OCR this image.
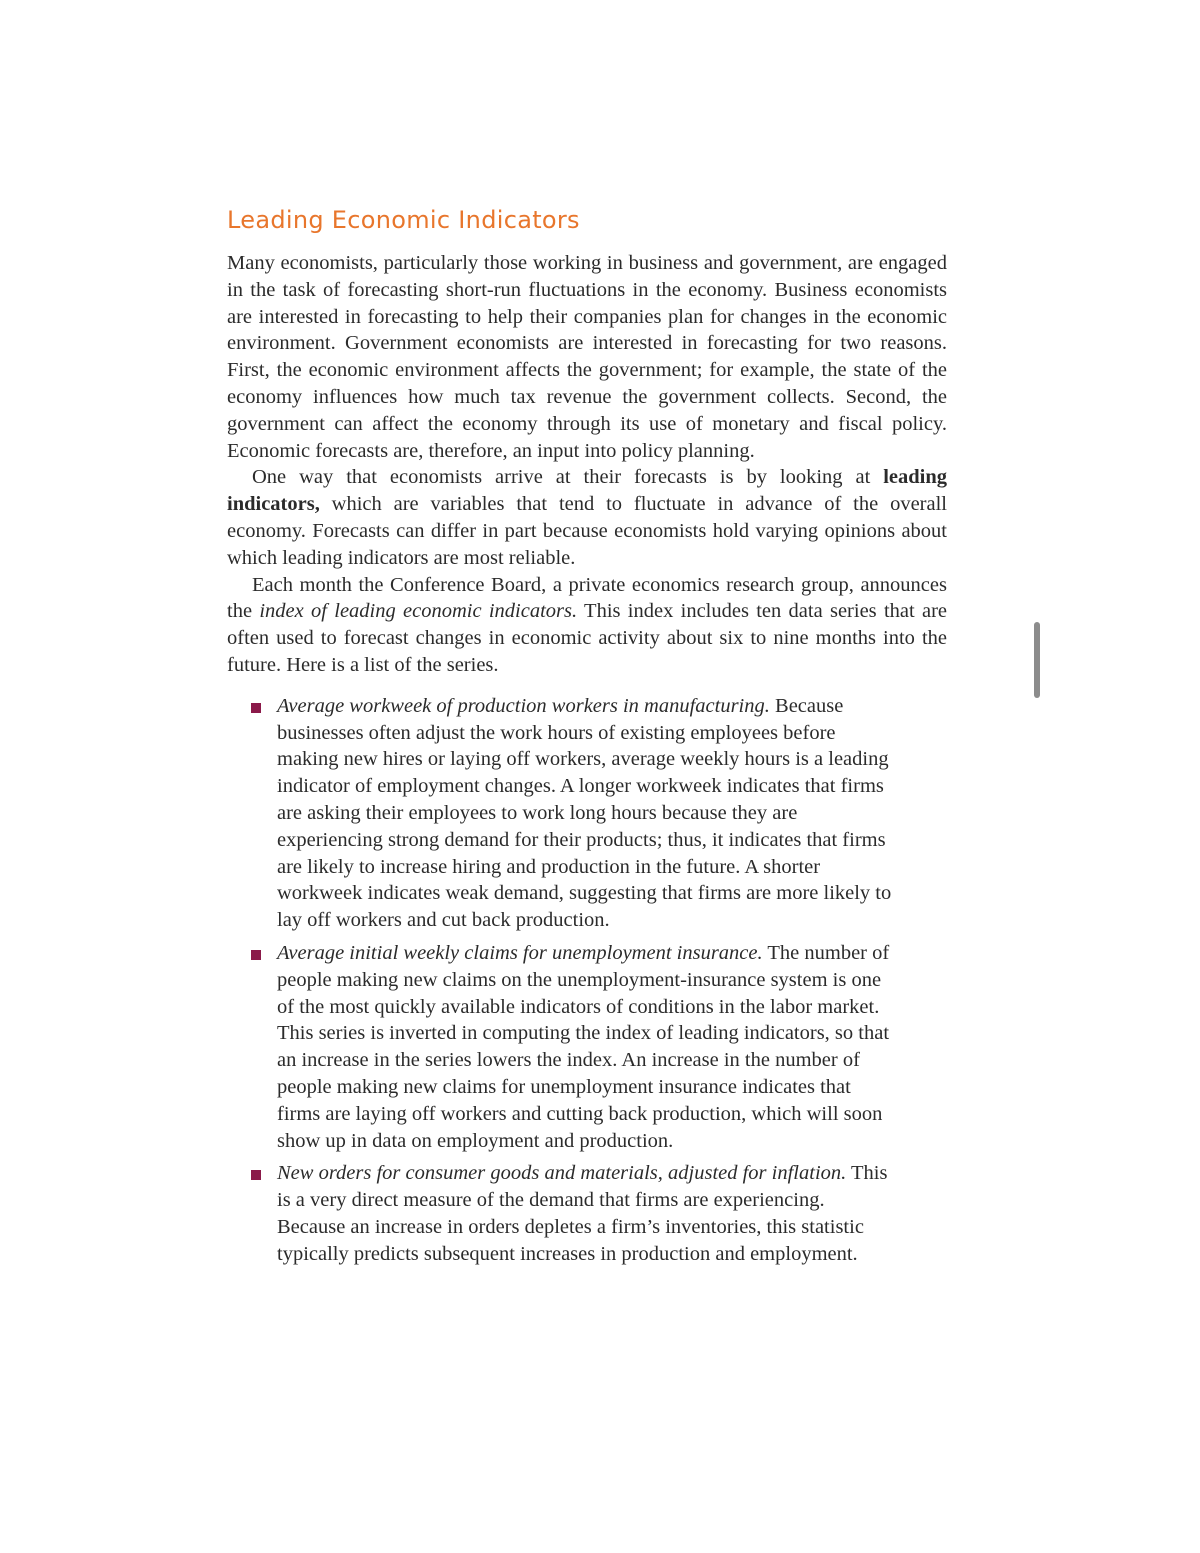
Leading Economic Indicators

Many economists, particularly those working in business and government, are engaged in the task of forecasting short-run fluctuations in the economy. Business economists are interested in forecasting to help their companies plan for changes in the economic environment. Government economists are interested in forecasting for two reasons. First, the economic environment affects the government; for example, the state of the economy influences how much tax revenue the government collects. Second, the government can affect the economy through its use of monetary and fiscal policy. Economic forecasts are, therefore, an input into policy planning.

One way that economists arrive at their forecasts is by looking at leading indicators, which are variables that tend to fluctuate in advance of the overall economy. Forecasts can differ in part because economists hold varying opinions about which leading indicators are most reliable.

Each month the Conference Board, a private economics research group, announces the index of leading economic indicators. This index includes ten data series that are often used to forecast changes in economic activity about six to nine months into the future. Here is a list of the series.

Average workweek of production workers in manufacturing. Because businesses often adjust the work hours of existing employees before making new hires or laying off workers, average weekly hours is a leading indicator of employment changes. A longer workweek indicates that firms are asking their employees to work long hours because they are experiencing strong demand for their products; thus, it indicates that firms are likely to increase hiring and production in the future. A shorter workweek indicates weak demand, suggesting that firms are more likely to lay off workers and cut back production.
Average initial weekly claims for unemployment insurance. The number of people making new claims on the unemployment-insurance system is one of the most quickly available indicators of conditions in the labor market. This series is inverted in computing the index of leading indicators, so that an increase in the series lowers the index. An increase in the number of people making new claims for unemployment insurance indicates that firms are laying off workers and cutting back production, which will soon show up in data on employment and production.
New orders for consumer goods and materials, adjusted for inflation. This is a very direct measure of the demand that firms are experiencing. Because an increase in orders depletes a firm’s inventories, this statistic typically predicts subsequent increases in production and employment.
